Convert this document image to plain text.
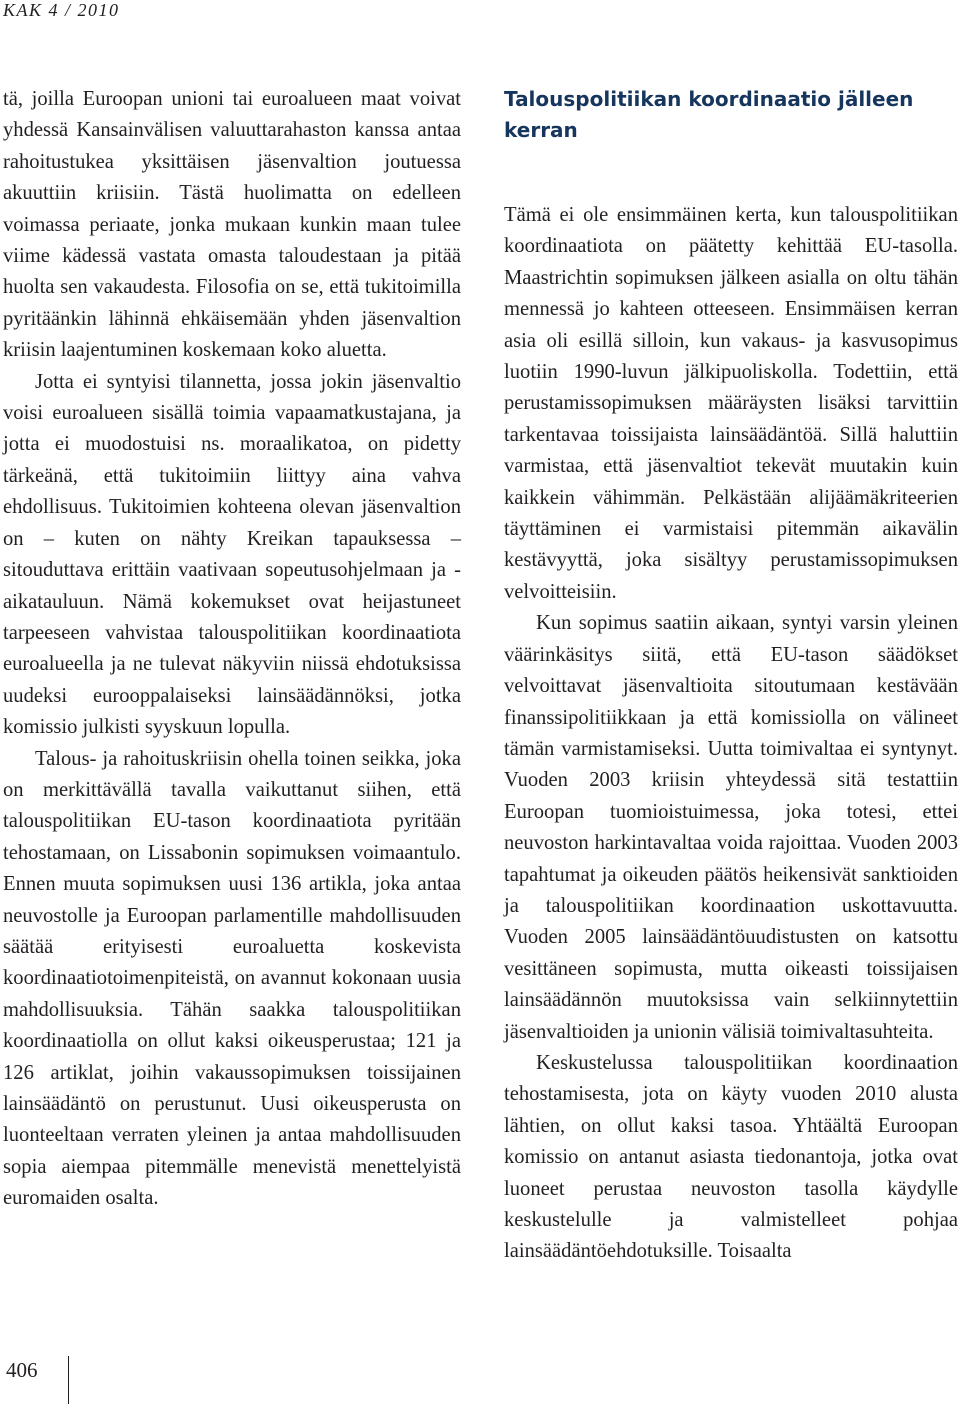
KAK 4 / 2010

tä, joilla Euroopan unioni tai euroalueen maat voivat yhdessä Kansainvälisen valuuttarahaston kanssa antaa rahoitustukea yksittäisen jäsenvaltion joutuessa akuuttiin kriisiin. Tästä huolimatta on edelleen voimassa periaate, jonka mukaan kunkin maan tulee viime kädessä vastata omasta taloudestaan ja pitää huolta sen vakaudesta. Filosofia on se, että tukitoimilla pyritäänkin lähinnä ehkäisemään yhden jäsenvaltion kriisin laajentuminen koskemaan koko aluetta.

Jotta ei syntyisi tilannetta, jossa jokin jäsenvaltio voisi euroalueen sisällä toimia vapaamatkustajana, ja jotta ei muodostuisi ns. moraalikatoa, on pidetty tärkeänä, että tukitoimiin liittyy aina vahva ehdollisuus. Tukitoimien kohteena olevan jäsenvaltion on – kuten on nähty Kreikan tapauksessa – sitouduttava erittäin vaativaan sopeutusohjelmaan ja -aikatauluun. Nämä kokemukset ovat heijastuneet tarpeeseen vahvistaa talouspolitiikan koordinaatiota euroalueella ja ne tulevat näkyviin niissä ehdotuksissa uudeksi eurooppalaiseksi lainsäädännöksi, jotka komissio julkisti syyskuun lopulla.

Talous- ja rahoituskriisin ohella toinen seikka, joka on merkittävällä tavalla vaikuttanut siihen, että talouspolitiikan EU-tason koordinaatiota pyritään tehostamaan, on Lissabonin sopimuksen voimaantulo. Ennen muuta sopimuksen uusi 136 artikla, joka antaa neuvostolle ja Euroopan parlamentille mahdollisuuden säätää erityisesti euroaluetta koskevista koordinaatiotoimenpiteistä, on avannut kokonaan uusia mahdollisuuksia. Tähän saakka talouspolitiikan koordinaatiolla on ollut kaksi oikeusperustaa; 121 ja 126 artiklat, joihin vakaussopimuksen toissijainen lainsäädäntö on perustunut. Uusi oikeusperusta on luonteeltaan verraten yleinen ja antaa mahdollisuuden sopia aiempaa pitemmälle menevistä menettelyistä euromaiden osalta.

Talouspolitiikan koordinaatio jälleen kerran

Tämä ei ole ensimmäinen kerta, kun talouspolitiikan koordinaatiota on päätetty kehittää EU-tasolla. Maastrichtin sopimuksen jälkeen asialla on oltu tähän mennessä jo kahteen otteeseen. Ensimmäisen kerran asia oli esillä silloin, kun vakaus- ja kasvusopimus luotiin 1990-luvun jälkipuoliskolla. Todettiin, että perustamissopimuksen määräysten lisäksi tarvittiin tarkentavaa toissijaista lainsäädäntöä. Sillä haluttiin varmistaa, että jäsenvaltiot tekevät muutakin kuin kaikkein vähimmän. Pelkästään alijäämäkriteerien täyttäminen ei varmistaisi pitemmän aikavälin kestävyyttä, joka sisältyy perustamissopimuksen velvoitteisiin.

Kun sopimus saatiin aikaan, syntyi varsin yleinen väärinkäsitys siitä, että EU-tason säädökset velvoittavat jäsenvaltioita sitoutumaan kestävään finanssipolitiikkaan ja että komissiolla on välineet tämän varmistamiseksi. Uutta toimivaltaa ei syntynyt. Vuoden 2003 kriisin yhteydessä sitä testattiin Euroopan tuomioistuimessa, joka totesi, ettei neuvoston harkintavaltaa voida rajoittaa. Vuoden 2003 tapahtumat ja oikeuden päätös heikensivät sanktioiden ja talouspolitiikan koordinaation uskottavuutta. Vuoden 2005 lainsäädäntöuudistusten on katsottu vesittäneen sopimusta, mutta oikeasti toissijaisen lainsäädännön muutoksissa vain selkiinnytettiin jäsenvaltioiden ja unionin välisiä toimivaltasuhteita.

Keskustelussa talouspolitiikan koordinaation tehostamisesta, jota on käyty vuoden 2010 alusta lähtien, on ollut kaksi tasoa. Yhtäältä Euroopan komissio on antanut asiasta tiedonantoja, jotka ovat luoneet perustaa neuvoston tasolla käydylle keskustelulle ja valmistelleet pohjaa lainsäädäntöehdotuksille. Toisaalta

406
